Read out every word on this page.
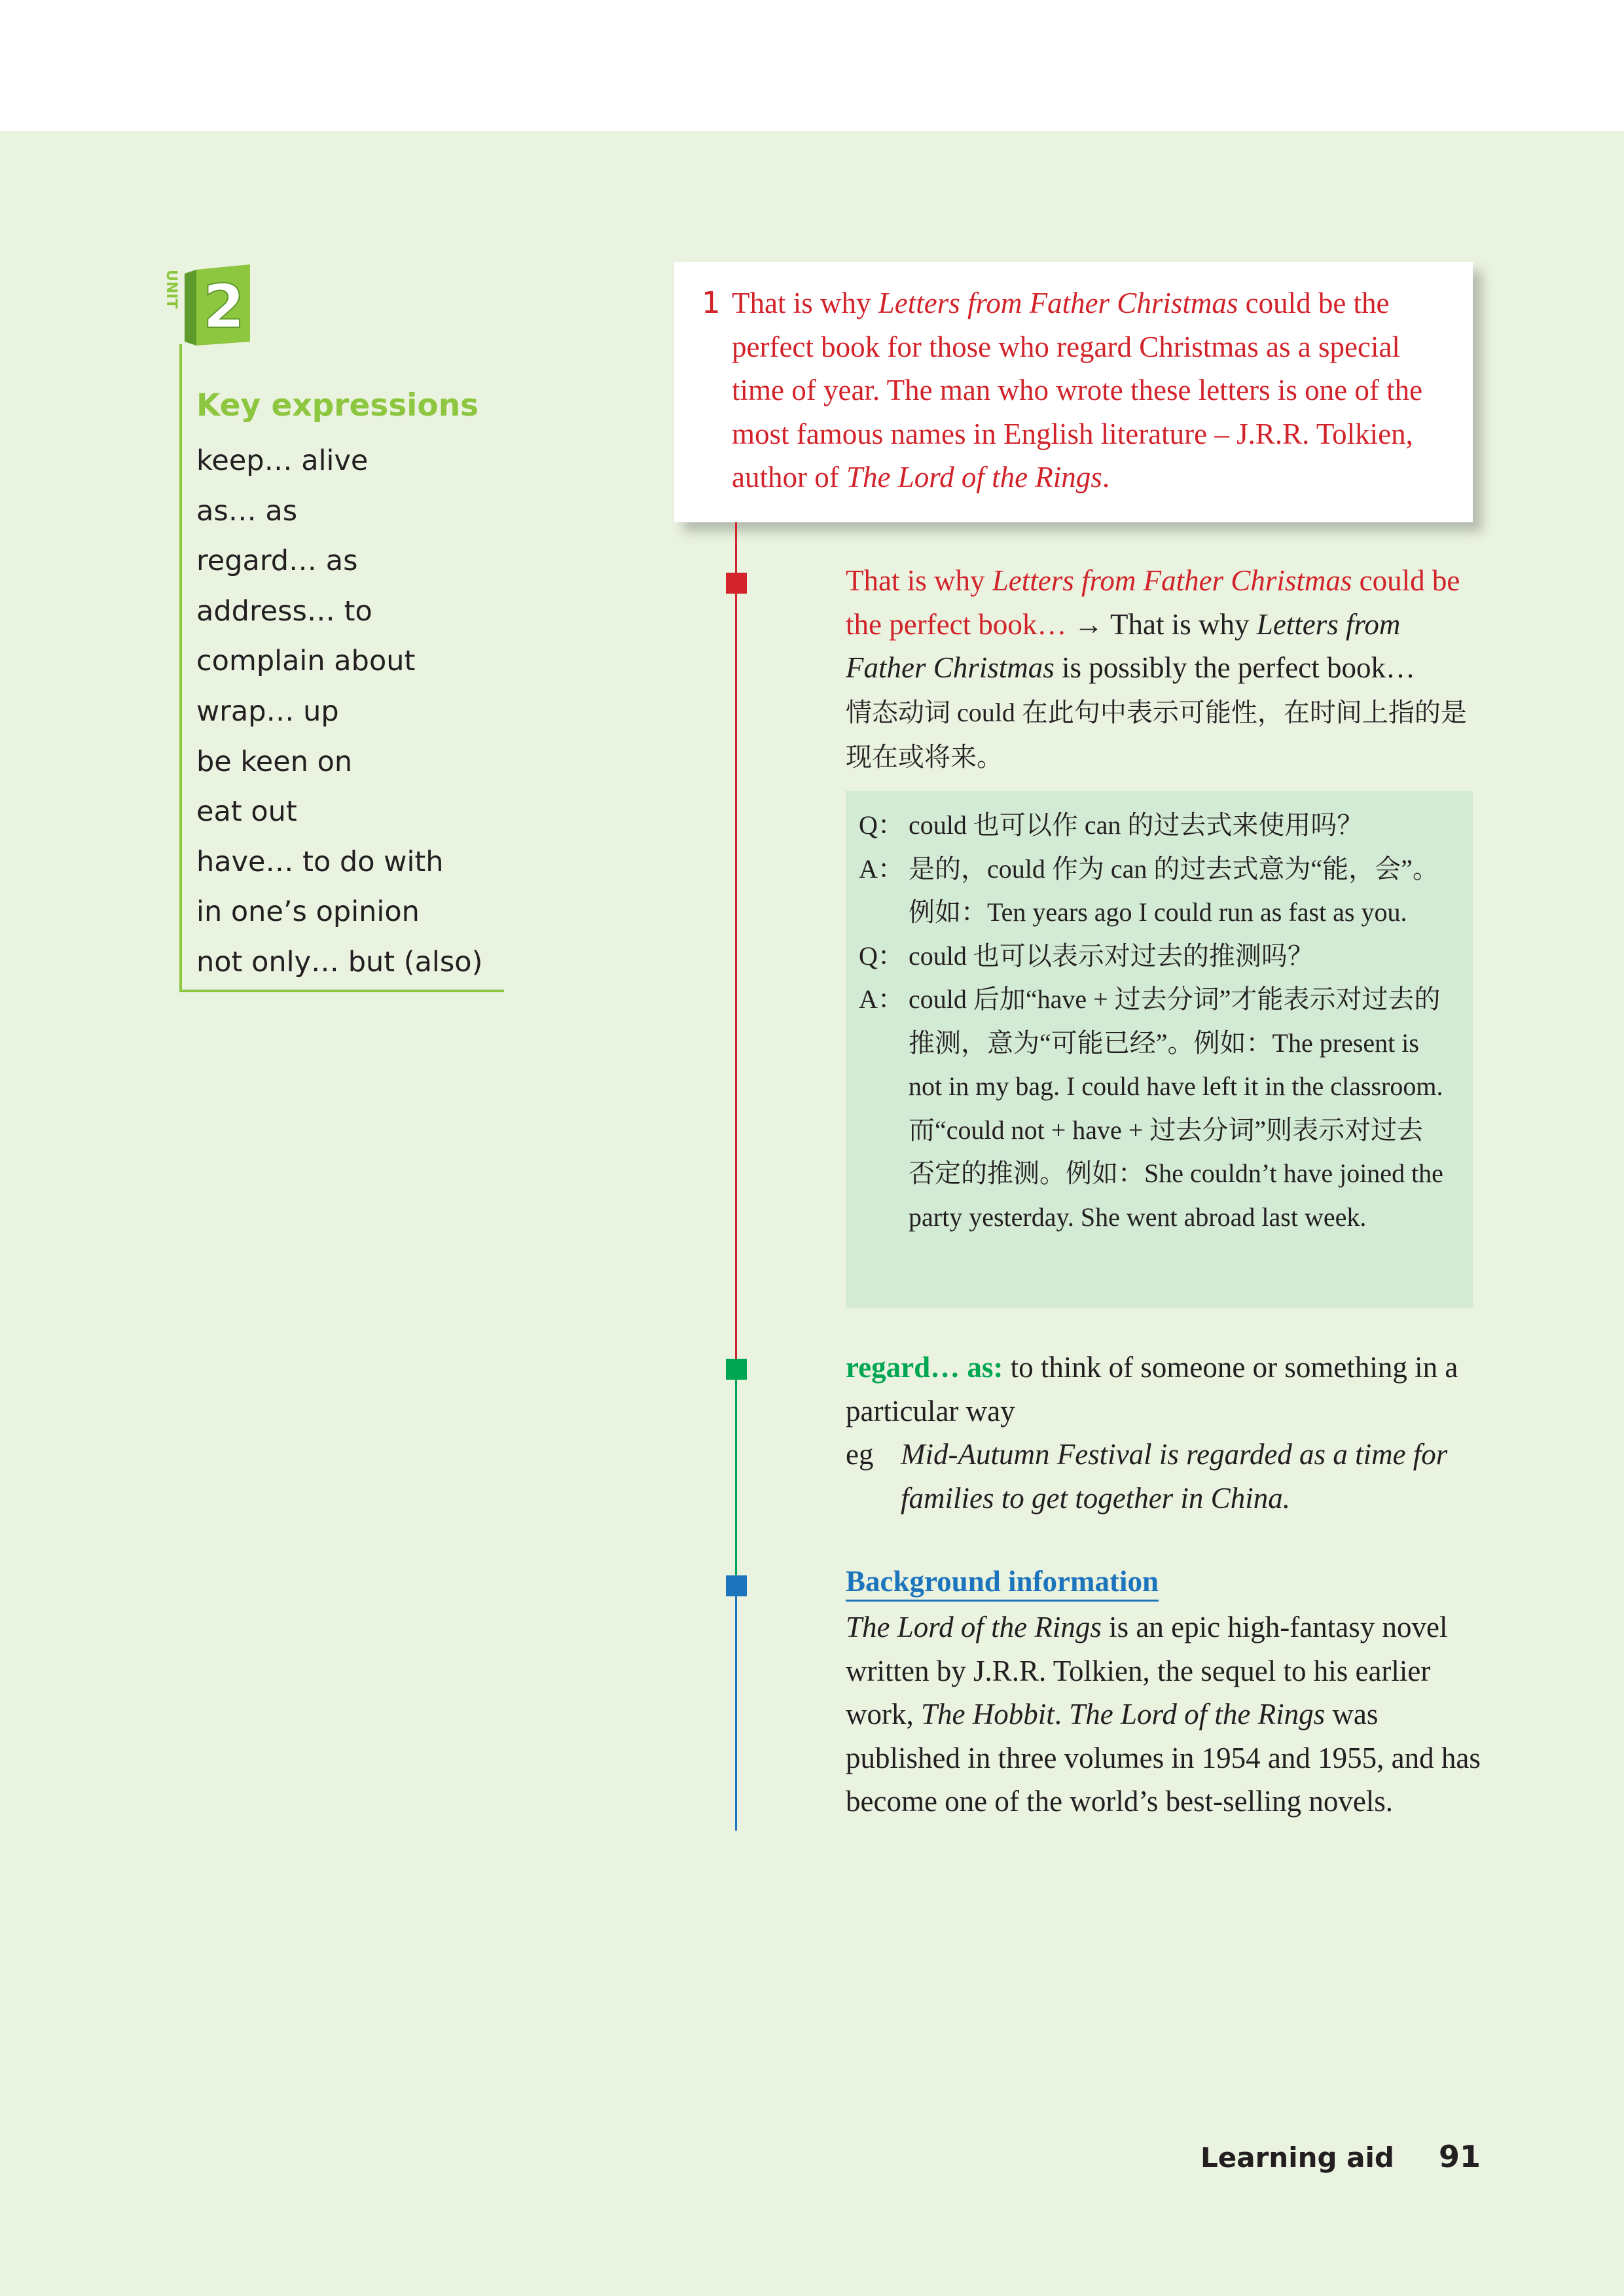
UNIT 2
Key expressions
keep… alive
as… as
regard… as
address… to
complain about
wrap… up
be keen on
eat out
have… to do with
in one’s opinion
not only… but (also)
1 That is why Letters from Father Christmas could be the perfect book for those who regard Christmas as a special time of year. The man who wrote these letters is one of the most famous names in English literature – J.R.R. Tolkien, author of The Lord of the Rings.

That is why Letters from Father Christmas could be the perfect book… → That is why Letters from Father Christmas is possibly the perfect book…
情态动词 could 在此句中表示可能性，在时间上指的是现在或将来。

Q： could 也可以作 can 的过去式来使用吗？
A： 是的，could 作为 can 的过去式意为“能，会”。
例如：Ten years ago I could run as fast as you.
Q： could 也可以表示对过去的推测吗？
A： could 后加“have + 过去分词”才能表示对过去的推测，意为“可能已经”。例如：The present is not in my bag. I could have left it in the classroom. 而“could not + have + 过去分词”则表示对过去否定的推测。例如：She couldn’t have joined the party yesterday. She went abroad last week.

regard… as: to think of someone or something in a particular way

eg Mid-Autumn Festival is regarded as a time for families to get together in China.
Background information

The Lord of the Rings is an epic high-fantasy novel written by J.R.R. Tolkien, the sequel to his earlier work, The Hobbit. The Lord of the Rings was published in three volumes in 1954 and 1955, and has become one of the world’s best-selling novels.

Learning aid 91
